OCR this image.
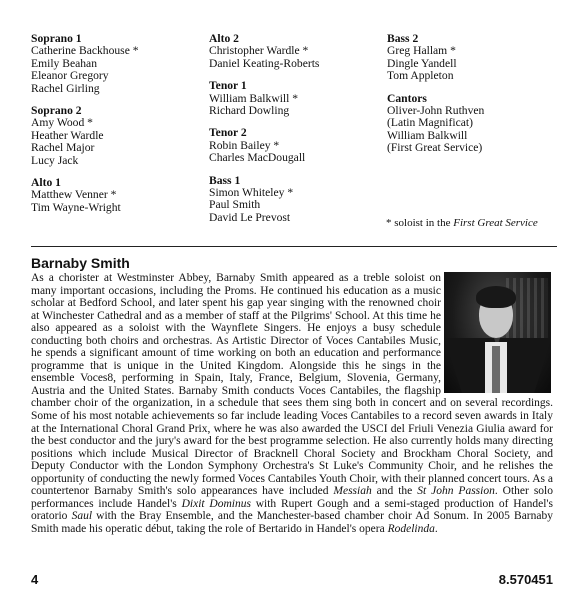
Soprano 1
Catherine Backhouse *
Emily Beahan
Eleanor Gregory
Rachel Girling
Soprano 2
Amy Wood *
Heather Wardle
Rachel Major
Lucy Jack
Alto 1
Matthew Venner *
Tim Wayne-Wright
Alto 2
Christopher Wardle *
Daniel Keating-Roberts
Tenor 1
William Balkwill *
Richard Dowling
Tenor 2
Robin Bailey *
Charles MacDougall
Bass 1
Simon Whiteley *
Paul Smith
David Le Prevost
Bass 2
Greg Hallam *
Dingle Yandell
Tom Appleton
Cantors
Oliver-John Ruthven
(Latin Magnificat)
William Balkwill
(First Great Service)
* soloist in the First Great Service
Barnaby Smith

As a chorister at Westminster Abbey, Barnaby Smith appeared as a treble soloist on many important occasions, including the Proms. He continued his education as a music scholar at Bedford School, and later spent his gap year singing with the renowned choir at Winchester Cathedral and as a member of staff at the Pilgrims' School. At this time he also appeared as a soloist with the Waynflete Singers. He enjoys a busy schedule conducting both choirs and orchestras. As Artistic Director of Voces Cantabiles Music, he spends a significant amount of time working on both an education and performance programme that is unique in the United Kingdom. Alongside this he sings in the ensemble Voces8, performing in Spain, Italy, France, Belgium, Slovenia, Germany, Austria and the United States. Barnaby Smith conducts Voces Cantabiles, the flagship chamber choir of the organization, in a schedule that sees them sing both in concert and on several recordings. Some of his most notable achievements so far include leading Voces Cantabiles to a record seven awards in Italy at the International Choral Grand Prix, where he was also awarded the USCI del Friuli Venezia Giulia award for the best conductor and the jury's award for the best programme selection. He also currently holds many directing positions which include Musical Director of Bracknell Choral Society and Brockham Choral Society, and Deputy Conductor with the London Symphony Orchestra's St Luke's Community Choir, and he relishes the opportunity of conducting the newly formed Voces Cantabiles Youth Choir, with their planned concert tours. As a countertenor Barnaby Smith's solo appearances have included Messiah and the St John Passion. Other solo performances include Handel's Dixit Dominus with Rupert Gough and a semi-staged production of Handel's oratorio Saul with the Bray Ensemble, and the Manchester-based chamber choir Ad Sonum. In 2005 Barnaby Smith made his operatic début, taking the role of Bertarido in Handel's opera Rodelinda.

4	8.570451
